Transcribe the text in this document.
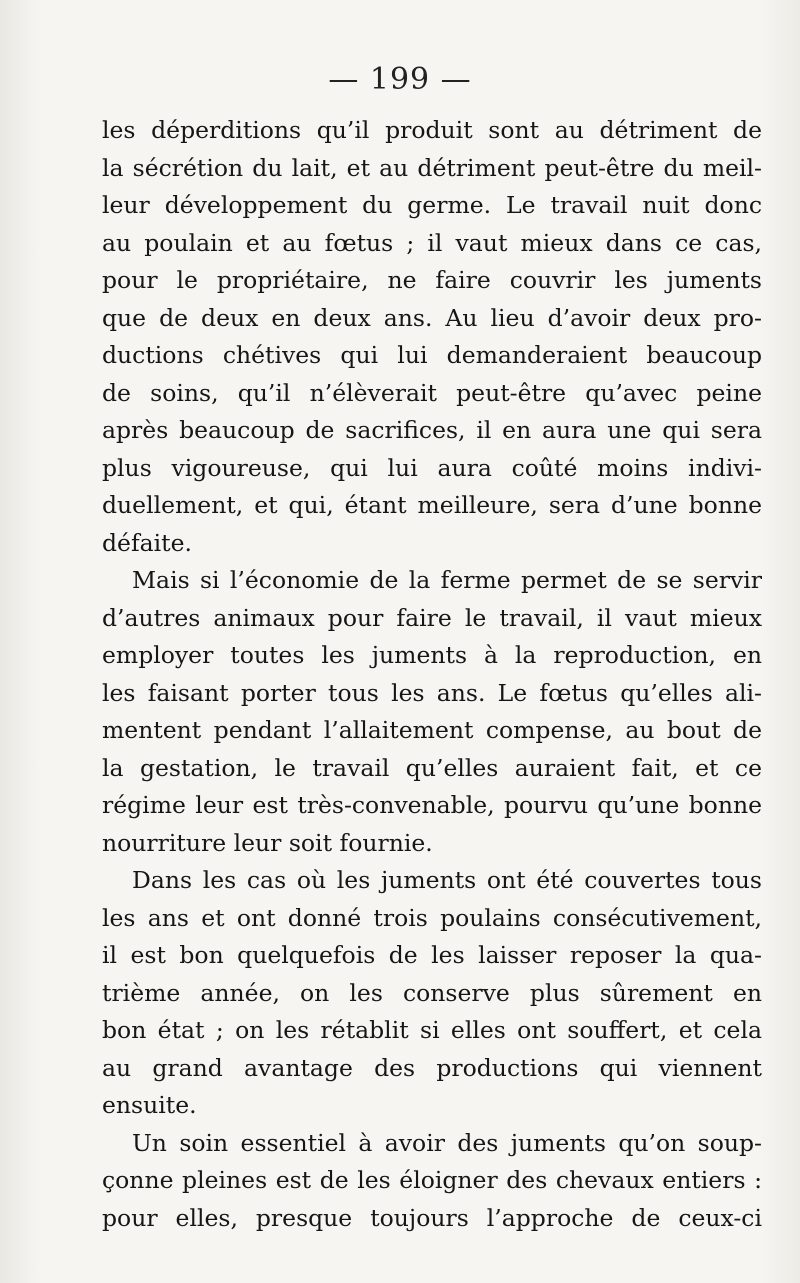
— 199 —
les déperditions qu’il produit sont au détriment de
la sécrétion du lait, et au détriment peut-être du meil-
leur développement du germe. Le travail nuit donc
au poulain et au fœtus ; il vaut mieux dans ce cas,
pour le propriétaire, ne faire couvrir les juments
que de deux en deux ans. Au lieu d’avoir deux pro-
ductions chétives qui lui demanderaient beaucoup
de soins, qu’il n’élèverait peut-être qu’avec peine
après beaucoup de sacrifices, il en aura une qui sera
plus vigoureuse, qui lui aura coûté moins indivi-
duellement, et qui, étant meilleure, sera d’une bonne
défaite.
Mais si l’économie de la ferme permet de se servir
d’autres animaux pour faire le travail, il vaut mieux
employer toutes les juments à la reproduction, en
les faisant porter tous les ans. Le fœtus qu’elles ali-
mentent pendant l’allaitement compense, au bout de
la gestation, le travail qu’elles auraient fait, et ce
régime leur est très-convenable, pourvu qu’une bonne
nourriture leur soit fournie.
Dans les cas où les juments ont été couvertes tous
les ans et ont donné trois poulains consécutivement,
il est bon quelquefois de les laisser reposer la qua-
trième année, on les conserve plus sûrement en
bon état ; on les rétablit si elles ont souffert, et cela
au grand avantage des productions qui viennent
ensuite.
Un soin essentiel à avoir des juments qu’on soup-
çonne pleines est de les éloigner des chevaux entiers :
pour elles, presque toujours l’approche de ceux-ci
